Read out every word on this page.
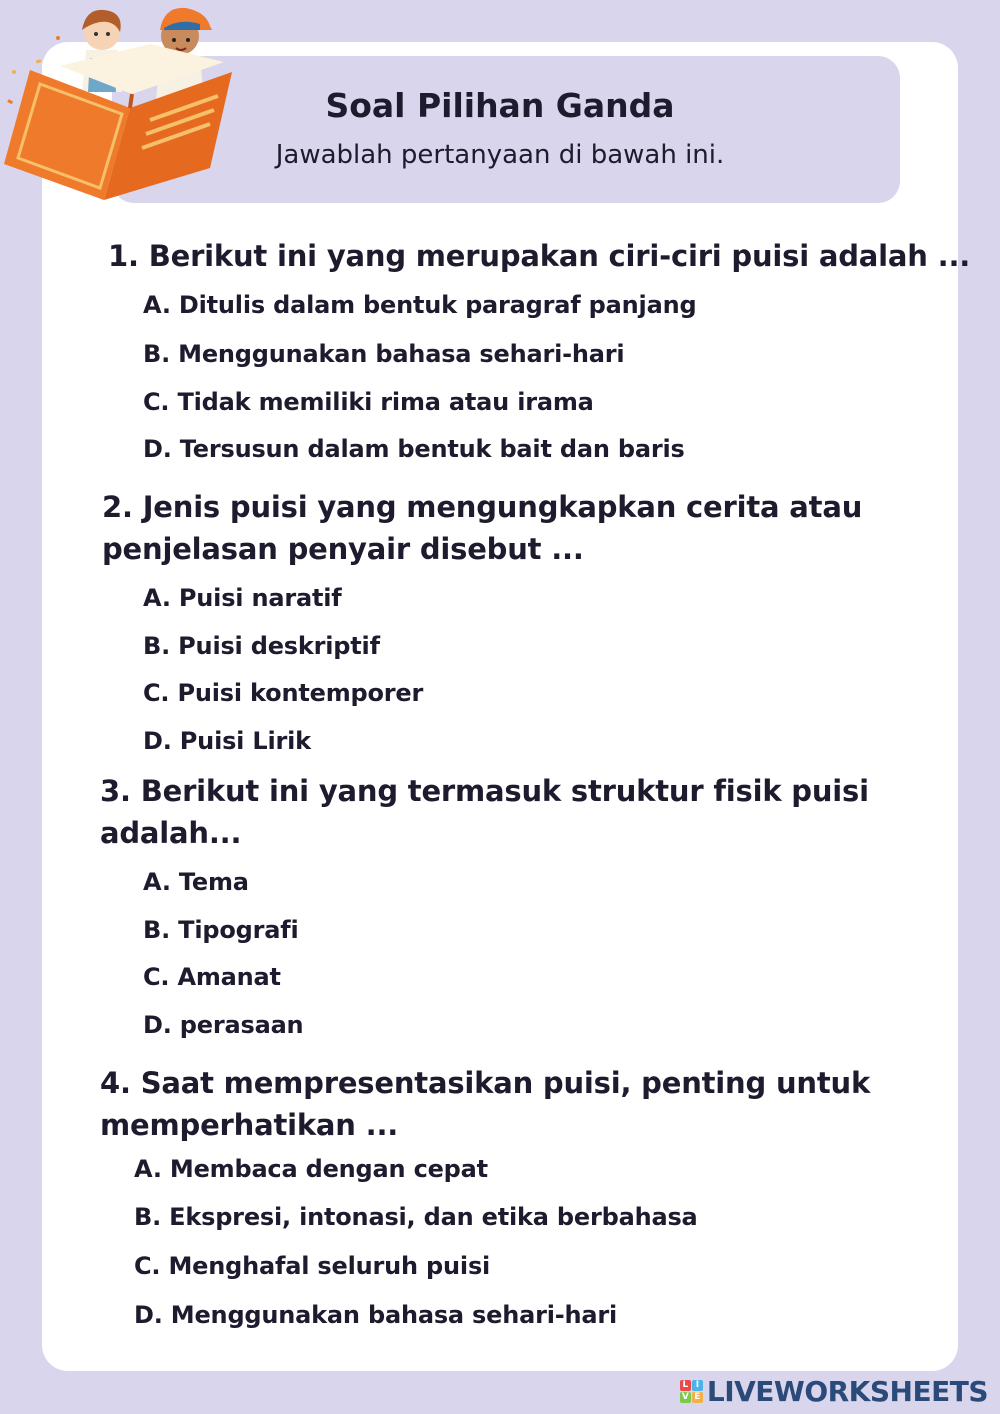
Soal Pilihan Ganda

Jawablah pertanyaan di bawah ini.

1. Berikut ini yang merupakan ciri-ciri puisi adalah ...

A. Ditulis dalam bentuk paragraf panjang

B. Menggunakan bahasa sehari-hari

C. Tidak memiliki rima atau irama

D. Tersusun dalam bentuk bait dan baris

2. Jenis puisi yang mengungkapkan cerita atau

penjelasan penyair disebut ...

A. Puisi naratif

B. Puisi deskriptif

C. Puisi kontemporer

D. Puisi Lirik

3. Berikut ini yang termasuk struktur fisik puisi

adalah...

A. Tema

B. Tipografi

C. Amanat

D. perasaan

4. Saat mempresentasikan puisi, penting untuk

memperhatikan ...

A. Membaca dengan cepat

B. Ekspresi, intonasi, dan etika berbahasa

C. Menghafal seluruh puisi

D. Menggunakan bahasa sehari-hari

L I
V E LIVEWORKSHEETS
